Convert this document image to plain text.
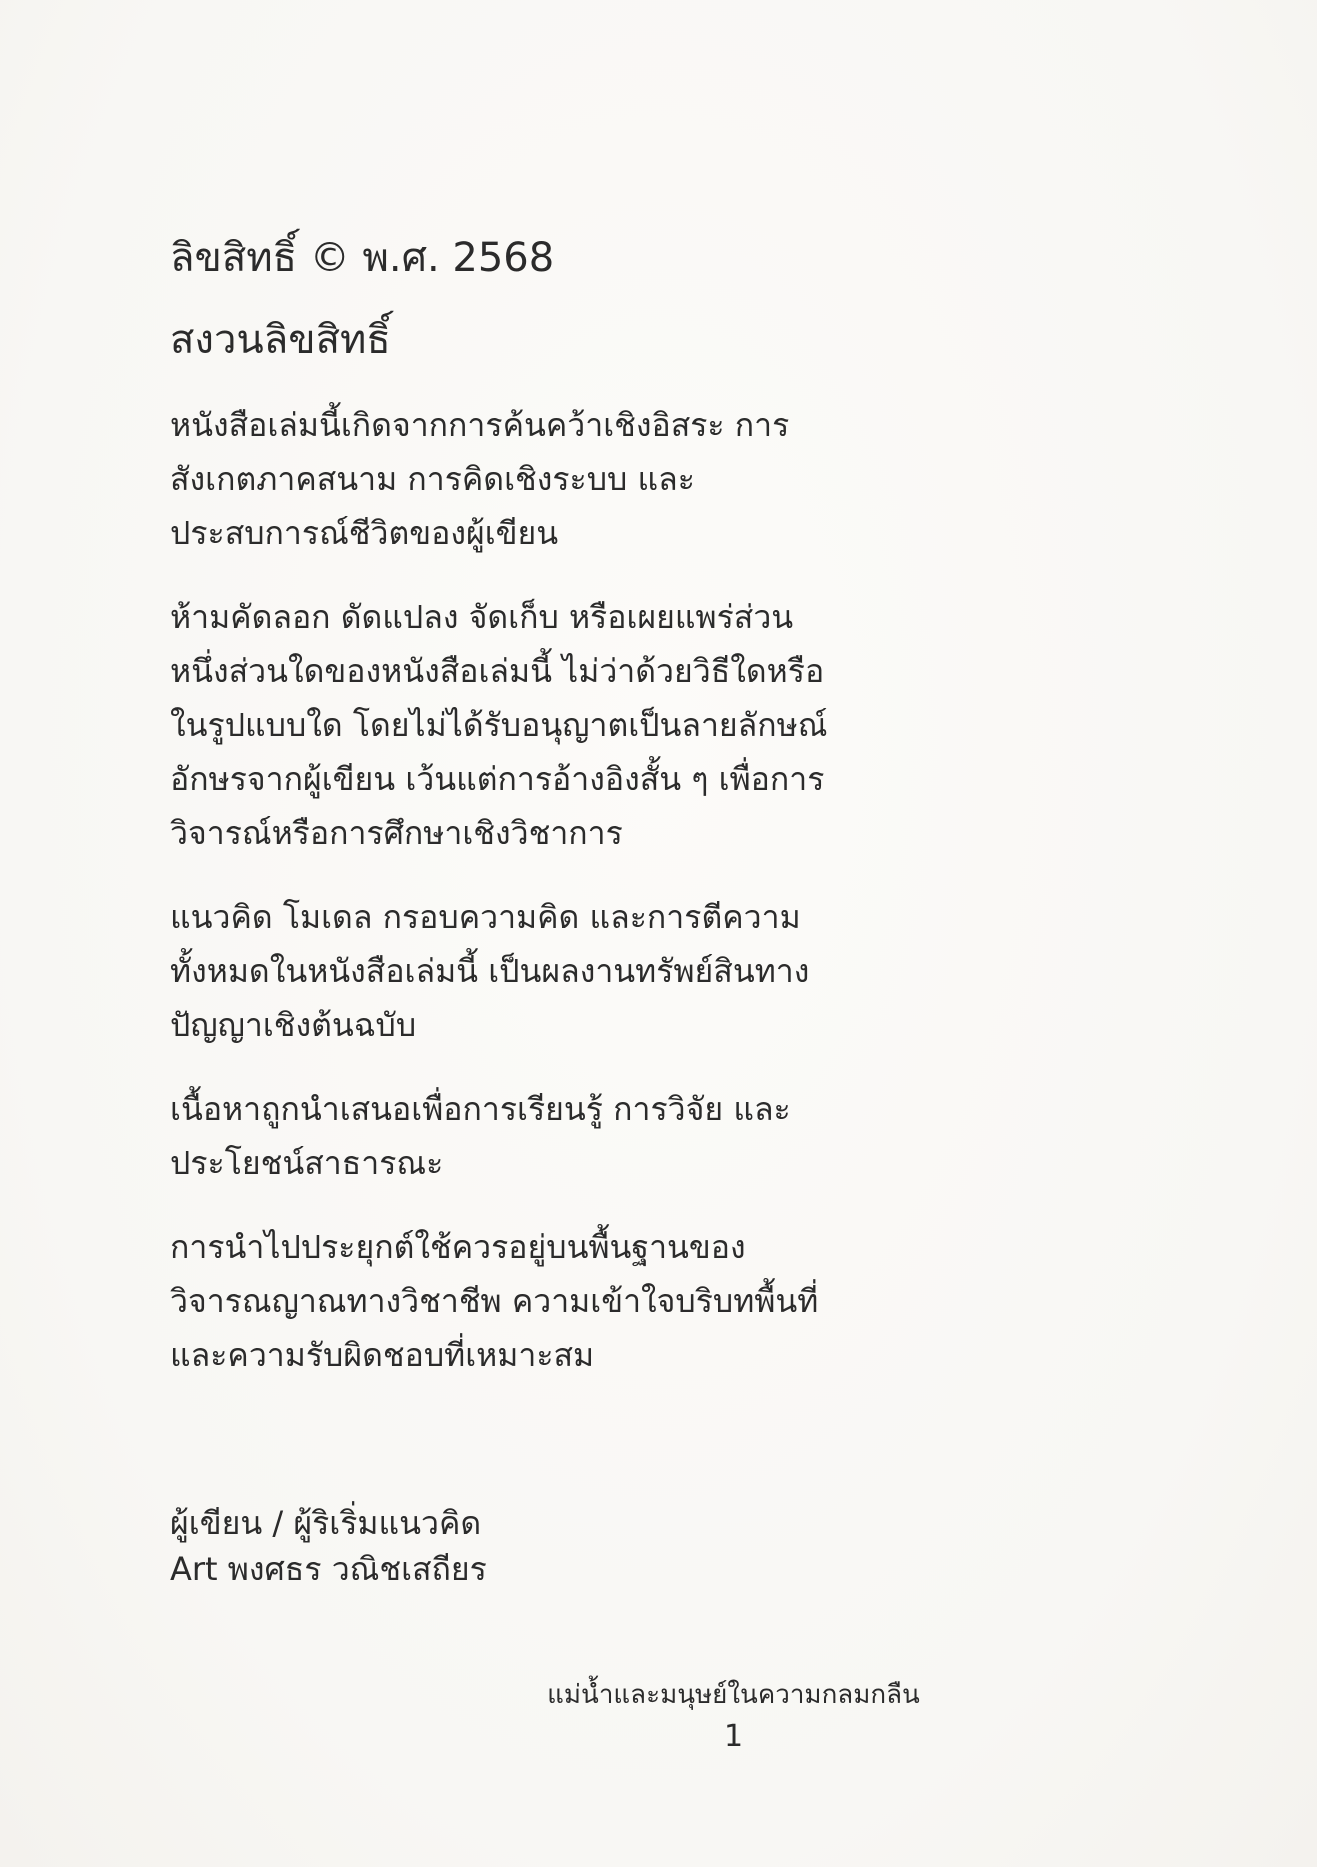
ลิขสิทธิ์ © พ.ศ. 2568
สงวนลิขสิทธิ์

หนังสือเล่มนี้เกิดจากการค้นคว้าเชิงอิสระ การ
สังเกตภาคสนาม การคิดเชิงระบบ และ
ประสบการณ์ชีวิตของผู้เขียน

ห้ามคัดลอก ดัดแปลง จัดเก็บ หรือเผยแพร่ส่วน
หนึ่งส่วนใดของหนังสือเล่มนี้ ไม่ว่าด้วยวิธีใดหรือ
ในรูปแบบใด โดยไม่ได้รับอนุญาตเป็นลายลักษณ์
อักษรจากผู้เขียน เว้นแต่การอ้างอิงสั้น ๆ เพื่อการ
วิจารณ์หรือการศึกษาเชิงวิชาการ

แนวคิด โมเดล กรอบความคิด และการตีความ
ทั้งหมดในหนังสือเล่มนี้ เป็นผลงานทรัพย์สินทาง
ปัญญาเชิงต้นฉบับ

เนื้อหาถูกนำเสนอเพื่อการเรียนรู้ การวิจัย และ
ประโยชน์สาธารณะ

การนำไปประยุกต์ใช้ควรอยู่บนพื้นฐานของ
วิจารณญาณทางวิชาชีพ ความเข้าใจบริบทพื้นที่
และความรับผิดชอบที่เหมาะสม

ผู้เขียน / ผู้ริเริ่มแนวคิด
Art พงศธร วณิชเสถียร
แม่น้ำและมนุษย์ในความกลมกลืน
1
